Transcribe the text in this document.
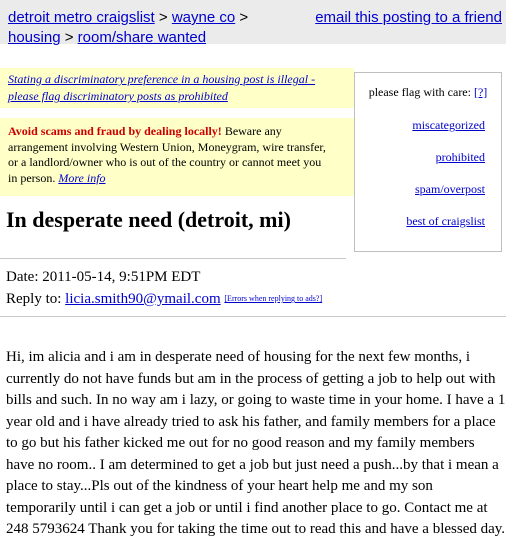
detroit metro craigslist > wayne co >
housing > room/share wanted
email this posting to a friend
Stating a discriminatory preference in a housing post is illegal - please flag discriminatory posts as prohibited
Avoid scams and fraud by dealing locally! Beware any arrangement involving Western Union, Moneygram, wire transfer, or a landlord/owner who is out of the country or cannot meet you in person. More info
please flag with care: [?]
miscategorized
prohibited
spam/overpost
best of craigslist
In desperate need (detroit, mi)
Date: 2011-05-14, 9:51PM EDT
Reply to: licia.smith90@ymail.com [Errors when replying to ads?]
Hi, im alicia and i am in desperate need of housing for the next few months, i currently do not have funds but am in the process of getting a job to help out with bills and such. In no way am i lazy, or going to waste time in your home. I have a 1 year old and i have already tried to ask his father, and family members for a place to go but his father kicked me out for no good reason and my family members have no room.. I am determined to get a job but just need a push...by that i mean a place to stay...Pls out of the kindness of your heart help me and my son temporarily until i can get a job or until i find another place to go. Contact me at 248 5793624 Thank you for taking the time out to read this and have a blessed day.
